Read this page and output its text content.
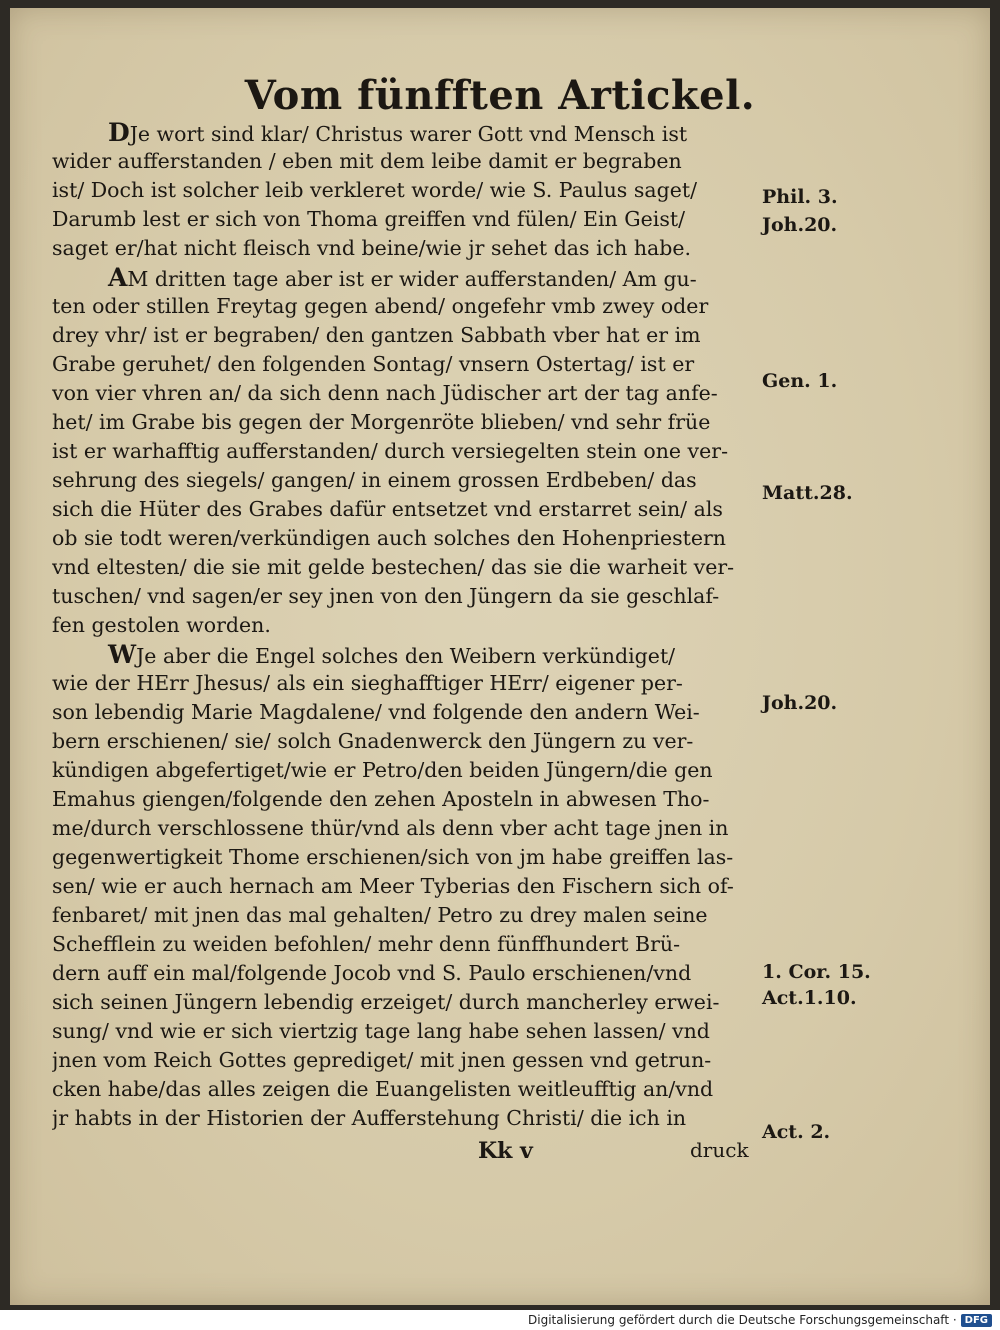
Vom fünfften Artickel.
DJe wort sind klar/ Christus warer Gott vnd Mensch ist
wider aufferstanden / eben mit dem leibe damit er begraben
ist/ Doch ist solcher leib verkleret worde/ wie S. Paulus saget/
Darumb lest er sich von Thoma greiffen vnd fülen/ Ein Geist/
saget er/hat nicht fleisch vnd beine/wie jr sehet das ich habe.
AM dritten tage aber ist er wider aufferstanden/ Am gu-
ten oder stillen Freytag gegen abend/ ongefehr vmb zwey oder
drey vhr/ ist er begraben/ den gantzen Sabbath vber hat er im
Grabe geruhet/ den folgenden Sontag/ vnsern Ostertag/ ist er
von vier vhren an/ da sich denn nach Jüdischer art der tag anfe-
het/ im Grabe bis gegen der Morgenröte blieben/ vnd sehr früe
ist er warhafftig aufferstanden/ durch versiegelten stein one ver-
sehrung des siegels/ gangen/ in einem grossen Erdbeben/ das
sich die Hüter des Grabes dafür entsetzet vnd erstarret sein/ als
ob sie todt weren/verkündigen auch solches den Hohenpriestern
vnd eltesten/ die sie mit gelde bestechen/ das sie die warheit ver-
tuschen/ vnd sagen/er sey jnen von den Jüngern da sie geschlaf-
fen gestolen worden.
WJe aber die Engel solches den Weibern verkündiget/
wie der HErr Jhesus/ als ein sieghafftiger HErr/ eigener per-
son lebendig Marie Magdalene/ vnd folgende den andern Wei-
bern erschienen/ sie/ solch Gnadenwerck den Jüngern zu ver-
kündigen abgefertiget/wie er Petro/den beiden Jüngern/die gen
Emahus giengen/folgende den zehen Aposteln in abwesen Tho-
me/durch verschlossene thür/vnd als denn vber acht tage jnen in
gegenwertigkeit Thome erschienen/sich von jm habe greiffen las-
sen/ wie er auch hernach am Meer Tyberias den Fischern sich of-
fenbaret/ mit jnen das mal gehalten/ Petro zu drey malen seine
Schefflein zu weiden befohlen/ mehr denn fünffhundert Brü-
dern auff ein mal/folgende Jocob vnd S. Paulo erschienen/vnd
sich seinen Jüngern lebendig erzeiget/ durch mancherley erwei-
sung/ vnd wie er sich viertzig tage lang habe sehen lassen/ vnd
jnen vom Reich Gottes geprediget/ mit jnen gessen vnd getrun-
cken habe/das alles zeigen die Euangelisten weitleufftig an/vnd
jr habts in der Historien der Aufferstehung Christi/ die ich in
Phil. 3.
Joh.20.
Gen. 1.
Matt.28.
Joh.20.
1. Cor. 15.
Act.1.10.
Act. 2.
Kk v	druck
Digitalisierung gefördert durch die Deutsche Forschungsgemeinschaft · DFG
